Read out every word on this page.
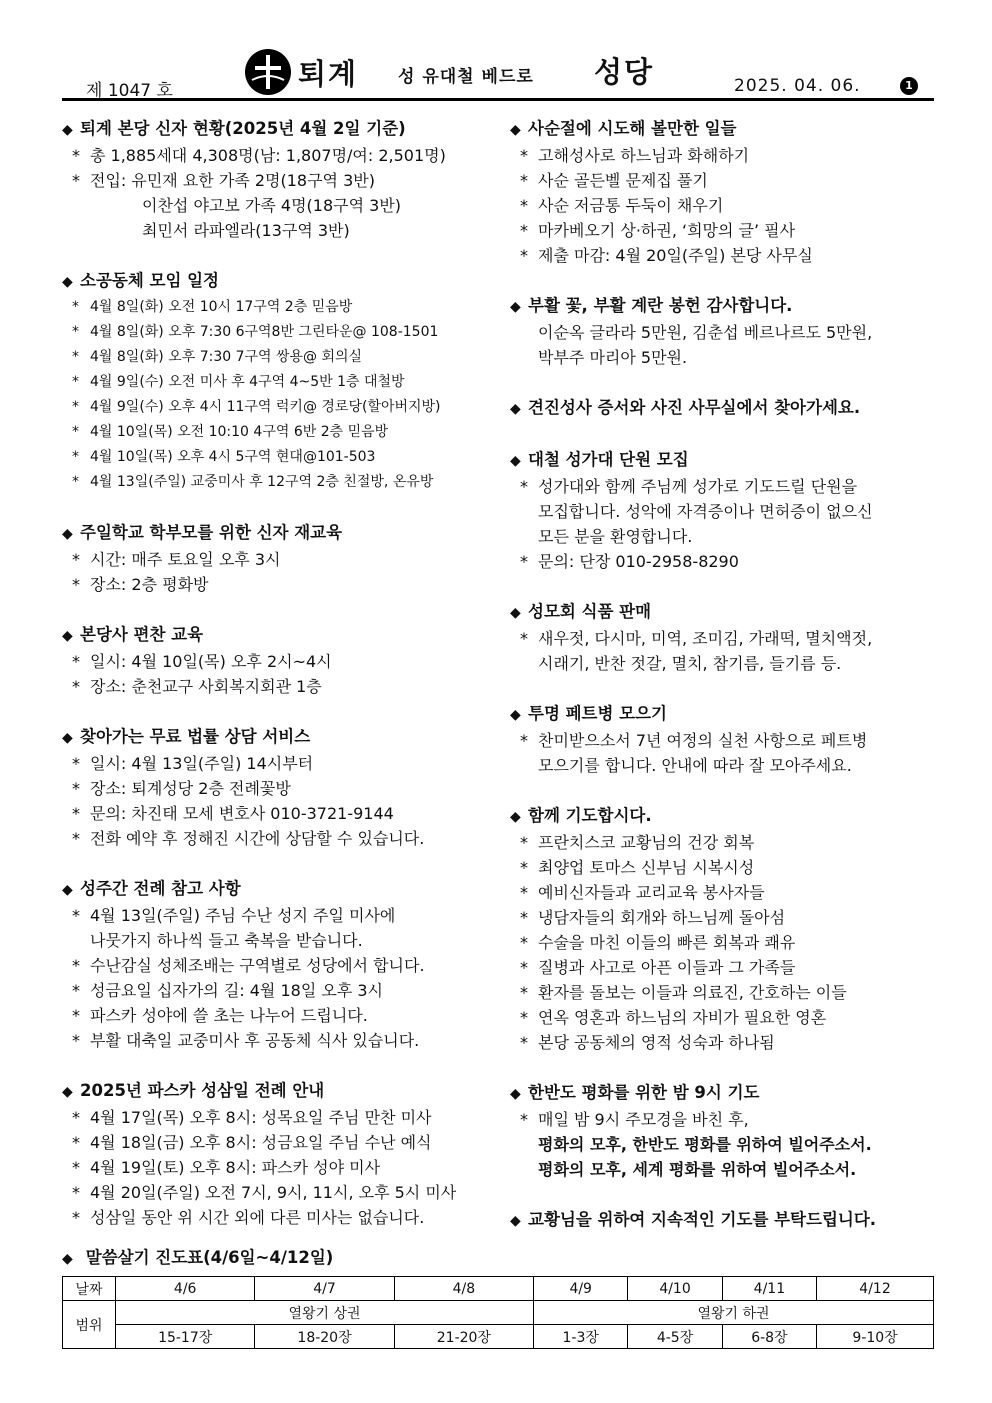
제 1047 호	퇴계 성 유대철 베드로 성당	2025. 04. 06.	1
◆ 퇴계 본당 신자 현황(2025년 4월 2일 기준)
* 총 1,885세대 4,308명(남: 1,807명/여: 2,501명)
* 전입: 유민재 요한 가족 2명(18구역 3반)
이찬섭 야고보 가족 4명(18구역 3반)
최민서 라파엘라(13구역 3반)
◆ 소공동체 모임 일정
* 4월 8일(화) 오전 10시 17구역 2층 믿음방
* 4월 8일(화) 오후 7:30 6구역8반 그린타운@ 108-1501
* 4월 8일(화) 오후 7:30 7구역 쌍용@ 회의실
* 4월 9일(수) 오전 미사 후 4구역 4~5반 1층 대철방
* 4월 9일(수) 오후 4시 11구역 럭키@ 경로당(할아버지방)
* 4월 10일(목) 오전 10:10 4구역 6반 2층 믿음방
* 4월 10일(목) 오후 4시 5구역 현대@101-503
* 4월 13일(주일) 교중미사 후 12구역 2층 친절방, 온유방
◆ 주일학교 학부모를 위한 신자 재교육
* 시간: 매주 토요일 오후 3시
* 장소: 2층 평화방
◆ 본당사 편찬 교육
* 일시: 4월 10일(목) 오후 2시~4시
* 장소: 춘천교구 사회복지회관 1층
◆ 찾아가는 무료 법률 상담 서비스
* 일시: 4월 13일(주일) 14시부터
* 장소: 퇴계성당 2층 전례꽃방
* 문의: 차진태 모세 변호사 010-3721-9144
* 전화 예약 후 정해진 시간에 상담할 수 있습니다.
◆ 성주간 전례 참고 사항
* 4월 13일(주일) 주님 수난 성지 주일 미사에
나뭇가지 하나씩 들고 축복을 받습니다.
* 수난감실 성체조배는 구역별로 성당에서 합니다.
* 성금요일 십자가의 길: 4월 18일 오후 3시
* 파스카 성야에 쓸 초는 나누어 드립니다.
* 부활 대축일 교중미사 후 공동체 식사 있습니다.
◆ 2025년 파스카 성삼일 전례 안내
* 4월 17일(목) 오후 8시: 성목요일 주님 만찬 미사
* 4월 18일(금) 오후 8시: 성금요일 주님 수난 예식
* 4월 19일(토) 오후 8시: 파스카 성야 미사
* 4월 20일(주일) 오전 7시, 9시, 11시, 오후 5시 미사
* 성삼일 동안 위 시간 외에 다른 미사는 없습니다.
◆ 사순절에 시도해 볼만한 일들
* 고해성사로 하느님과 화해하기
* 사순 골든벨 문제집 풀기
* 사순 저금통 두둑이 채우기
* 마카베오기 상·하권, ‘희망의 글’ 필사
* 제출 마감: 4월 20일(주일) 본당 사무실
◆ 부활 꽃, 부활 계란 봉헌 감사합니다.
이순옥 글라라 5만원, 김춘섭 베르나르도 5만원,
박부주 마리아 5만원.
◆ 견진성사 증서와 사진 사무실에서 찾아가세요.
◆ 대철 성가대 단원 모집
* 성가대와 함께 주님께 성가로 기도드릴 단원을
모집합니다. 성악에 자격증이나 면허증이 없으신
모든 분을 환영합니다.
* 문의: 단장 010-2958-8290
◆ 성모회 식품 판매
* 새우젓, 다시마, 미역, 조미김, 가래떡, 멸치액젓,
시래기, 반찬 젓갈, 멸치, 참기름, 들기름 등.
◆ 투명 페트병 모으기
* 찬미받으소서 7년 여정의 실천 사항으로 페트병
모으기를 합니다. 안내에 따라 잘 모아주세요.
◆ 함께 기도합시다.
* 프란치스코 교황님의 건강 회복
* 최양업 토마스 신부님 시복시성
* 예비신자들과 교리교육 봉사자들
* 냉담자들의 회개와 하느님께 돌아섬
* 수술을 마친 이들의 빠른 회복과 쾌유
* 질병과 사고로 아픈 이들과 그 가족들
* 환자를 돌보는 이들과 의료진, 간호하는 이들
* 연옥 영혼과 하느님의 자비가 필요한 영혼
* 본당 공동체의 영적 성숙과 하나됨
◆ 한반도 평화를 위한 밤 9시 기도
* 매일 밤 9시 주모경을 바친 후,
평화의 모후, 한반도 평화를 위하여 빌어주소서.
평화의 모후, 세계 평화를 위하여 빌어주소서.
◆ 교황님을 위하여 지속적인 기도를 부탁드립니다.
◆ 말씀살기 진도표(4/6일~4/12일)
날짜	4/6	4/7	4/8	4/9	4/10	4/11	4/12
범위	열왕기 상권			열왕기 하권			
	15-17장	18-20장	21-20장	1-3장	4-5장	6-8장	9-10장
